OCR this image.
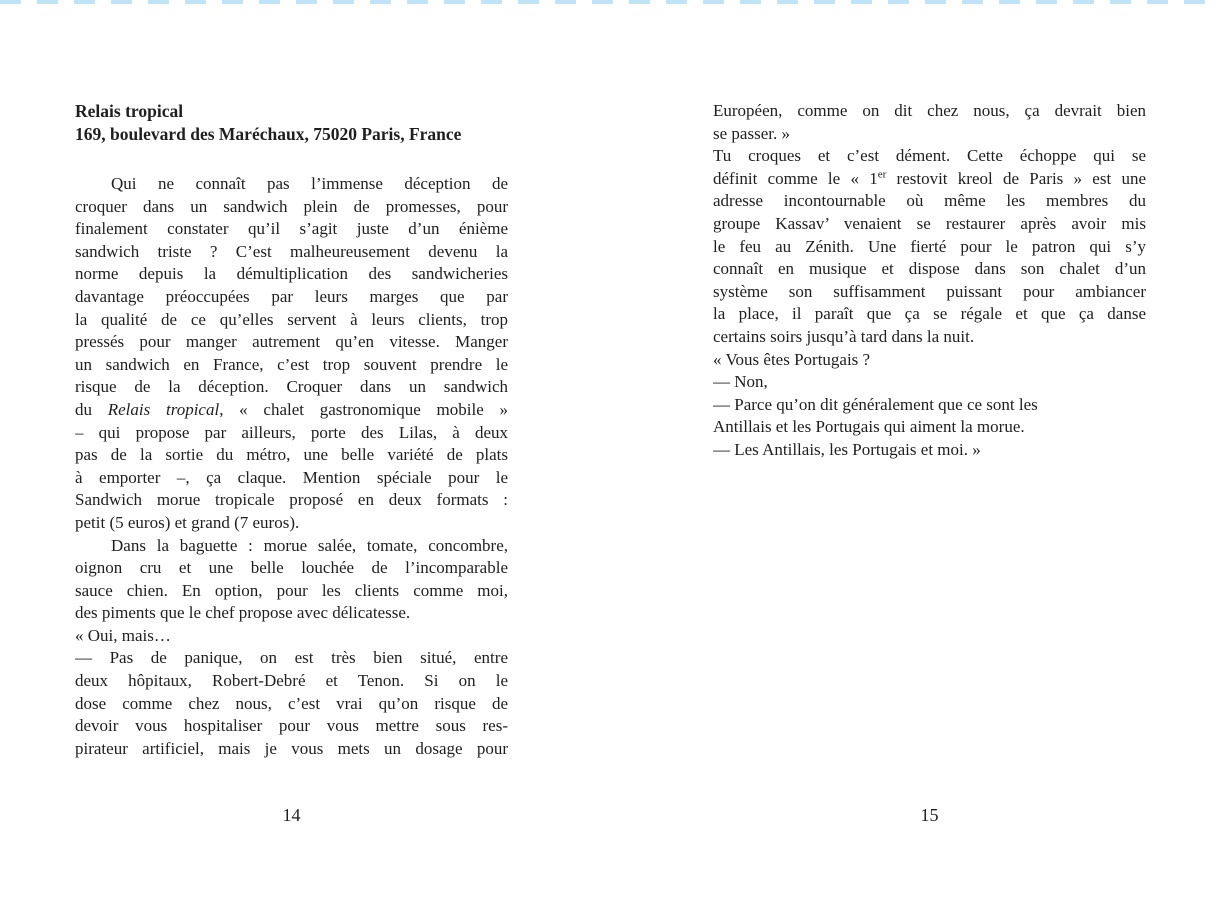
Relais tropical
169, boulevard des Maréchaux, 75020 Paris, France
Qui ne connaît pas l’immense déception de
croquer dans un sandwich plein de promesses, pour
finalement constater qu’il s’agit juste d’un énième
sandwich triste ? C’est malheureusement devenu la
norme depuis la démultiplication des sandwicheries
davantage préoccupées par leurs marges que par
la qualité de ce qu’elles servent à leurs clients, trop
pressés pour manger autrement qu’en vitesse. Manger
un sandwich en France, c’est trop souvent prendre le
risque de la déception. Croquer dans un sandwich
du Relais tropical, « chalet gastronomique mobile »
– qui propose par ailleurs, porte des Lilas, à deux
pas de la sortie du métro, une belle variété de plats
à emporter –, ça claque. Mention spéciale pour le
Sandwich morue tropicale proposé en deux formats :
petit (5 euros) et grand (7 euros).
Dans la baguette : morue salée, tomate, concombre,
oignon cru et une belle louchée de l’incomparable
sauce chien. En option, pour les clients comme moi,
des piments que le chef propose avec délicatesse.
« Oui, mais…
— Pas de panique, on est très bien situé, entre
deux hôpitaux, Robert-Debré et Tenon. Si on le
dose comme chez nous, c’est vrai qu’on risque de
devoir vous hospitaliser pour vous mettre sous res-
pirateur artificiel, mais je vous mets un dosage pour
Européen, comme on dit chez nous, ça devrait bien
se passer. »
Tu croques et c’est dément. Cette échoppe qui se
définit comme le « 1er restovit kreol de Paris » est une
adresse incontournable où même les membres du
groupe Kassav’ venaient se restaurer après avoir mis
le feu au Zénith. Une fierté pour le patron qui s’y
connaît en musique et dispose dans son chalet d’un
système son suffisamment puissant pour ambiancer
la place, il paraît que ça se régale et que ça danse
certains soirs jusqu’à tard dans la nuit.
« Vous êtes Portugais ?
— Non,
— Parce qu’on dit généralement que ce sont les
Antillais et les Portugais qui aiment la morue.
— Les Antillais, les Portugais et moi. »
14	15
